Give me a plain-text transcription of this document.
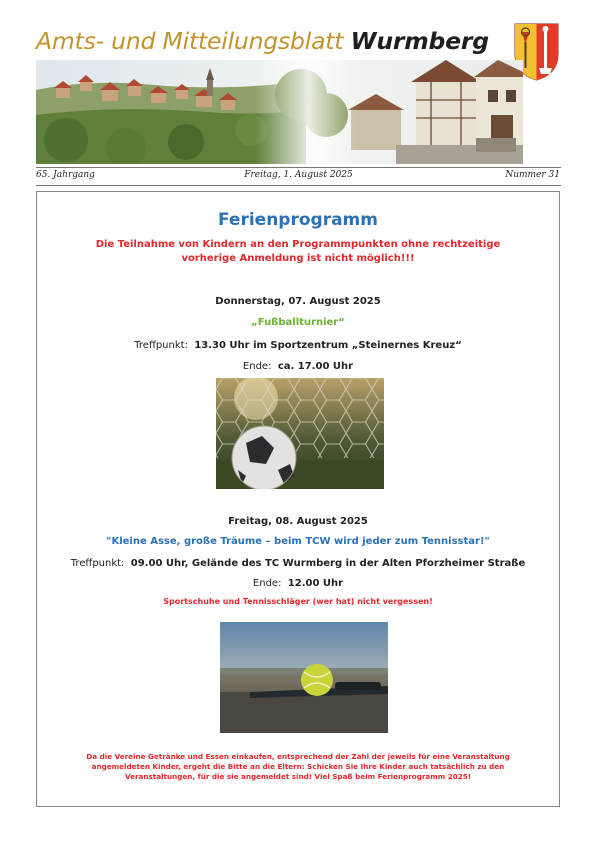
Amts- und Mitteilungsblatt Wurmberg
65. Jahrgang	Freitag, 1. August 2025	Nummer 31
Ferienprogramm
Die Teilnahme von Kindern an den Programmpunkten ohne rechtzeitige
vorherige Anmeldung ist nicht möglich!!!
Donnerstag, 07. August 2025
„Fußballturnier“
Treffpunkt: 13.30 Uhr im Sportzentrum „Steinernes Kreuz“
Ende: ca. 17.00 Uhr
Freitag, 08. August 2025
"Kleine Asse, große Träume – beim TCW wird jeder zum Tennisstar!"
Treffpunkt: 09.00 Uhr, Gelände des TC Wurmberg in der Alten Pforzheimer Straße
Ende: 12.00 Uhr
Sportschuhe und Tennisschläger (wer hat) nicht vergessen!
Da die Vereine Getränke und Essen einkaufen, entsprechend der Zahl der jeweils für eine Veranstaltung
angemeldeten Kinder, ergeht die Bitte an die Eltern: Schicken Sie Ihre Kinder auch tatsächlich zu den
Veranstaltungen, für die sie angemeldet sind! Viel Spaß beim Ferienprogramm 2025!
